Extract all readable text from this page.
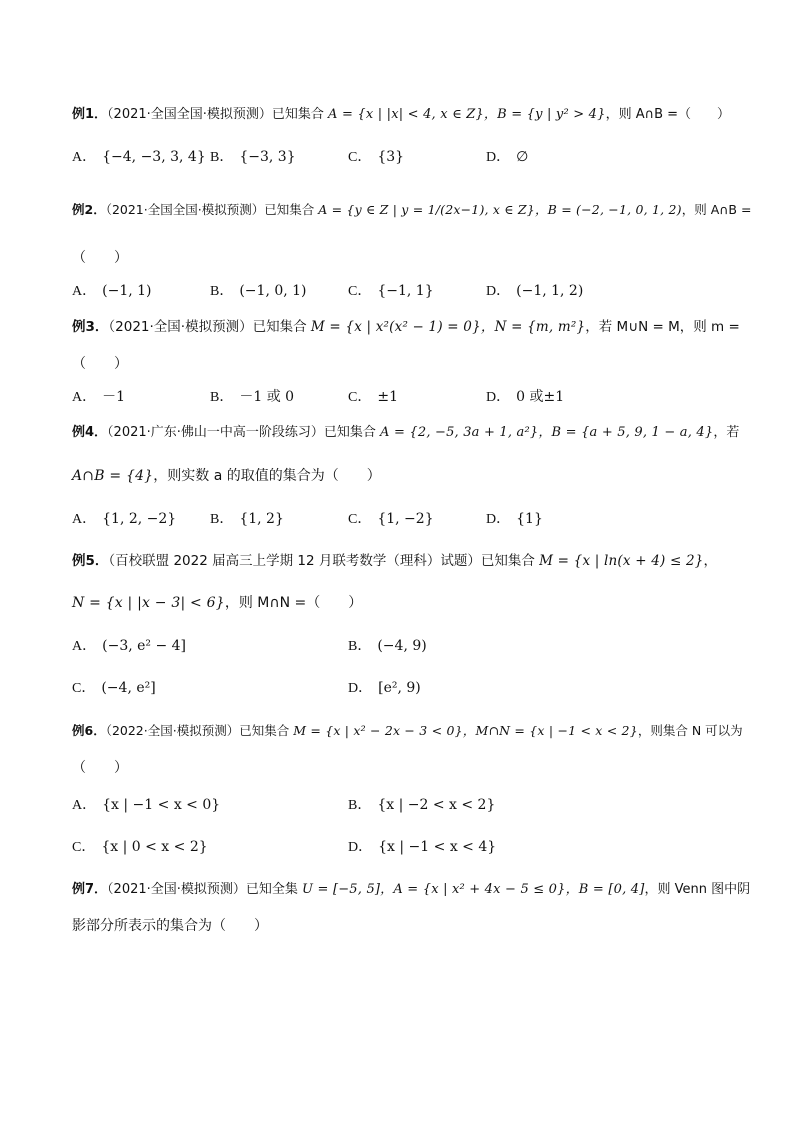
例1．（2021·全国全国·模拟预测）已知集合 A = {x | |x| < 4, x ∈ Z}，B = {y | y² > 4}，则 A∩B =（　　）
A． {−4, −3, 3, 4} B． {−3, 3}	C． {3}	D． ∅
例2．（2021·全国全国·模拟预测）已知集合 A = {y ∈ Z | y = 1/(2x−1), x ∈ Z}，B = (−2, −1, 0, 1, 2)，则 A∩B =
（　　）
A． (−1, 1)	B． (−1, 0, 1)	C． {−1, 1}	D． (−1, 1, 2)
例3．（2021·全国·模拟预测）已知集合 M = {x | x²(x² − 1) = 0}，N = {m, m²}，若 M∪N = M，则 m =
（　　）
A． －1	B． －1 或 0	C． ±1	D． 0 或±1
例4．（2021·广东·佛山一中高一阶段练习）已知集合 A = {2, −5, 3a + 1, a²}，B = {a + 5, 9, 1 − a, 4}，若
A∩B = {4}，则实数 a 的取值的集合为（　　）
A． {1, 2, −2} B． {1, 2}	C． {1, −2}	D． {1}
例5．（百校联盟 2022 届高三上学期 12 月联考数学（理科）试题）已知集合 M = {x | ln(x + 4) ≤ 2}，
N = {x | |x − 3| < 6}，则 M∩N =（　　）
A． (−3, e² − 4]	B． (−4, 9)
C． (−4, e²]	D． [e², 9)
例6．（2022·全国·模拟预测）已知集合 M = {x | x² − 2x − 3 < 0}，M∩N = {x | −1 < x < 2}，则集合 N 可以为
（　　）
A． {x | −1 < x < 0}	B． {x | −2 < x < 2}
C． {x | 0 < x < 2}	D． {x | −1 < x < 4}
例7．（2021·全国·模拟预测）已知全集 U = [−5, 5]，A = {x | x² + 4x − 5 ≤ 0}，B = [0, 4]，则 Venn 图中阴
影部分所表示的集合为（　　）
